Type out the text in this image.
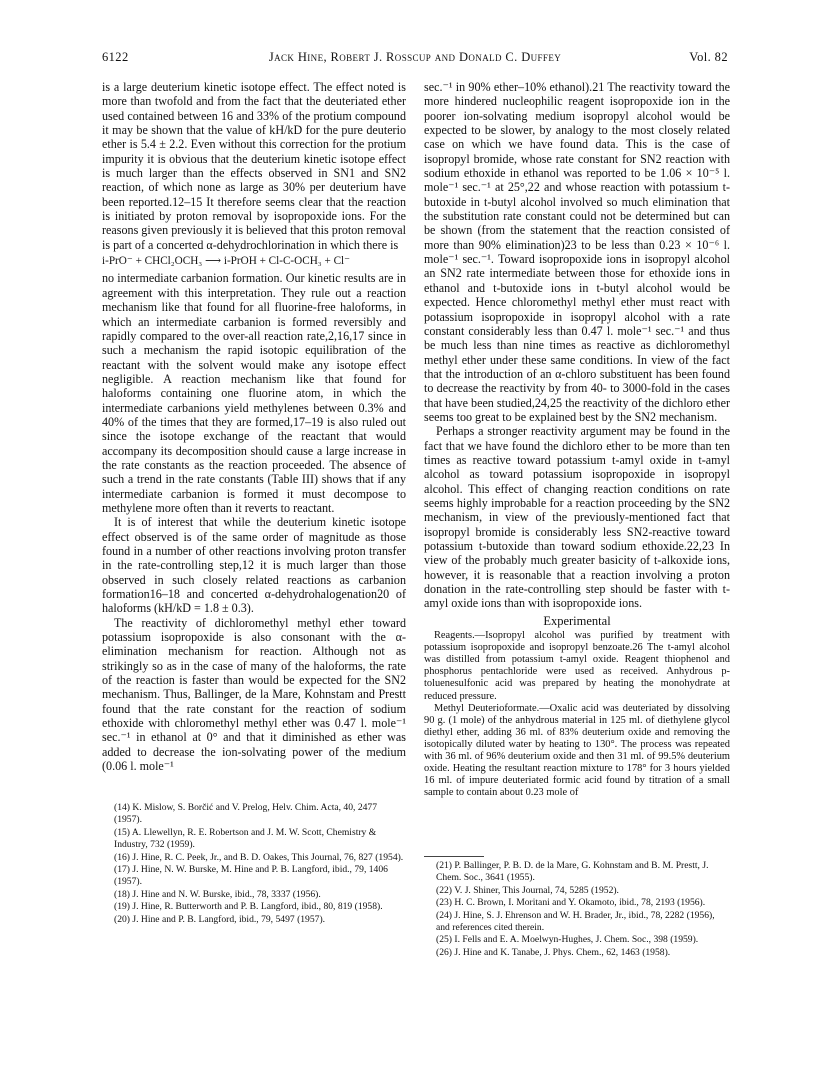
6122	Jack Hine, Robert J. Rosscup and Donald C. Duffey	Vol. 82

is a large deuterium kinetic isotope effect. The effect noted is more than twofold and from the fact that the deuteriated ether used contained between 16 and 33% of the protium compound it may be shown that the value of kH/kD for the pure deuterio ether is 5.4 ± 2.2. Even without this correction for the protium impurity it is obvious that the deuterium kinetic isotope effect is much larger than the effects observed in SN1 and SN2 reaction, of which none as large as 30% per deuterium have been reported.12–15 It therefore seems clear that the reaction is initiated by proton removal by isopropoxide ions. For the reasons given previously it is believed that this proton removal is part of a concerted α-dehydrochlorination in which there is

i-PrO⁻ + CHCl₂OCH₃ ⟶ i-PrOH + Cl-C-OCH₃ + Cl⁻

no intermediate carbanion formation. Our kinetic results are in agreement with this interpretation. They rule out a reaction mechanism like that found for all fluorine-free haloforms, in which an intermediate carbanion is formed reversibly and rapidly compared to the over-all reaction rate,2,16,17 since in such a mechanism the rapid isotopic equilibration of the reactant with the solvent would make any isotope effect negligible. A reaction mechanism like that found for haloforms containing one fluorine atom, in which the intermediate carbanions yield methylenes between 0.3% and 40% of the times that they are formed,17–19 is also ruled out since the isotope exchange of the reactant that would accompany its decomposition should cause a large increase in the rate constants as the reaction proceeded. The absence of such a trend in the rate constants (Table III) shows that if any intermediate carbanion is formed it must decompose to methylene more often than it reverts to reactant.

It is of interest that while the deuterium kinetic isotope effect observed is of the same order of magnitude as those found in a number of other reactions involving proton transfer in the rate-controlling step,12 it is much larger than those observed in such closely related reactions as carbanion formation16–18 and concerted α-dehydrohalogenation20 of haloforms (kH/kD = 1.8 ± 0.3).

The reactivity of dichloromethyl methyl ether toward potassium isopropoxide is also consonant with the α-elimination mechanism for reaction. Although not as strikingly so as in the case of many of the haloforms, the rate of the reaction is faster than would be expected for the SN2 mechanism. Thus, Ballinger, de la Mare, Kohnstam and Prestt found that the rate constant for the reaction of sodium ethoxide with chloromethyl methyl ether was 0.47 l. mole⁻¹ sec.⁻¹ in ethanol at 0° and that it diminished as ether was added to decrease the ion-solvating power of the medium (0.06 l. mole⁻¹

sec.⁻¹ in 90% ether–10% ethanol).21 The reactivity toward the more hindered nucleophilic reagent isopropoxide ion in the poorer ion-solvating medium isopropyl alcohol would be expected to be slower, by analogy to the most closely related case on which we have found data. This is the case of isopropyl bromide, whose rate constant for SN2 reaction with sodium ethoxide in ethanol was reported to be 1.06 × 10⁻⁵ l. mole⁻¹ sec.⁻¹ at 25°,22 and whose reaction with potassium t-butoxide in t-butyl alcohol involved so much elimination that the substitution rate constant could not be determined but can be shown (from the statement that the reaction consisted of more than 90% elimination)23 to be less than 0.23 × 10⁻⁶ l. mole⁻¹ sec.⁻¹. Toward isopropoxide ions in isopropyl alcohol an SN2 rate intermediate between those for ethoxide ions in ethanol and t-butoxide ions in t-butyl alcohol would be expected. Hence chloromethyl methyl ether must react with potassium isopropoxide in isopropyl alcohol with a rate constant considerably less than 0.47 l. mole⁻¹ sec.⁻¹ and thus be much less than nine times as reactive as dichloromethyl methyl ether under these same conditions. In view of the fact that the introduction of an α-chloro substituent has been found to decrease the reactivity by from 40- to 3000-fold in the cases that have been studied,24,25 the reactivity of the dichloro ether seems too great to be explained best by the SN2 mechanism.

Perhaps a stronger reactivity argument may be found in the fact that we have found the dichloro ether to be more than ten times as reactive toward potassium t-amyl oxide in t-amyl alcohol as toward potassium isopropoxide in isopropyl alcohol. This effect of changing reaction conditions on rate seems highly improbable for a reaction proceeding by the SN2 mechanism, in view of the previously-mentioned fact that isopropyl bromide is considerably less SN2-reactive toward potassium t-butoxide than toward sodium ethoxide.22,23 In view of the probably much greater basicity of t-alkoxide ions, however, it is reasonable that a reaction involving a proton donation in the rate-controlling step should be faster with t-amyl oxide ions than with isopropoxide ions.

Experimental

Reagents.—Isopropyl alcohol was purified by treatment with potassium isopropoxide and isopropyl benzoate.26 The t-amyl alcohol was distilled from potassium t-amyl oxide. Reagent thiophenol and phosphorus pentachloride were used as received. Anhydrous p-toluenesulfonic acid was prepared by heating the monohydrate at reduced pressure.

Methyl Deuterioformate.—Oxalic acid was deuteriated by dissolving 90 g. (1 mole) of the anhydrous material in 125 ml. of diethylene glycol diethyl ether, adding 36 ml. of 83% deuterium oxide and removing the isotopically diluted water by heating to 130°. The process was repeated with 36 ml. of 96% deuterium oxide and then 31 ml. of 99.5% deuterium oxide. Heating the resultant reaction mixture to 178° for 3 hours yielded 16 ml. of impure deuteriated formic acid found by titration of a small sample to contain about 0.23 mole of

(14) K. Mislow, S. Borčić and V. Prelog, Helv. Chim. Acta, 40, 2477 (1957).
(15) A. Llewellyn, R. E. Robertson and J. M. W. Scott, Chemistry & Industry, 732 (1959).
(16) J. Hine, R. C. Peek, Jr., and B. D. Oakes, This Journal, 76, 827 (1954).
(17) J. Hine, N. W. Burske, M. Hine and P. B. Langford, ibid., 79, 1406 (1957).
(18) J. Hine and N. W. Burske, ibid., 78, 3337 (1956).
(19) J. Hine, R. Butterworth and P. B. Langford, ibid., 80, 819 (1958).
(20) J. Hine and P. B. Langford, ibid., 79, 5497 (1957).
(21) P. Ballinger, P. B. D. de la Mare, G. Kohnstam and B. M. Prestt, J. Chem. Soc., 3641 (1955).
(22) V. J. Shiner, This Journal, 74, 5285 (1952).
(23) H. C. Brown, I. Moritani and Y. Okamoto, ibid., 78, 2193 (1956).
(24) J. Hine, S. J. Ehrenson and W. H. Brader, Jr., ibid., 78, 2282 (1956), and references cited therein.
(25) I. Fells and E. A. Moelwyn-Hughes, J. Chem. Soc., 398 (1959).
(26) J. Hine and K. Tanabe, J. Phys. Chem., 62, 1463 (1958).
